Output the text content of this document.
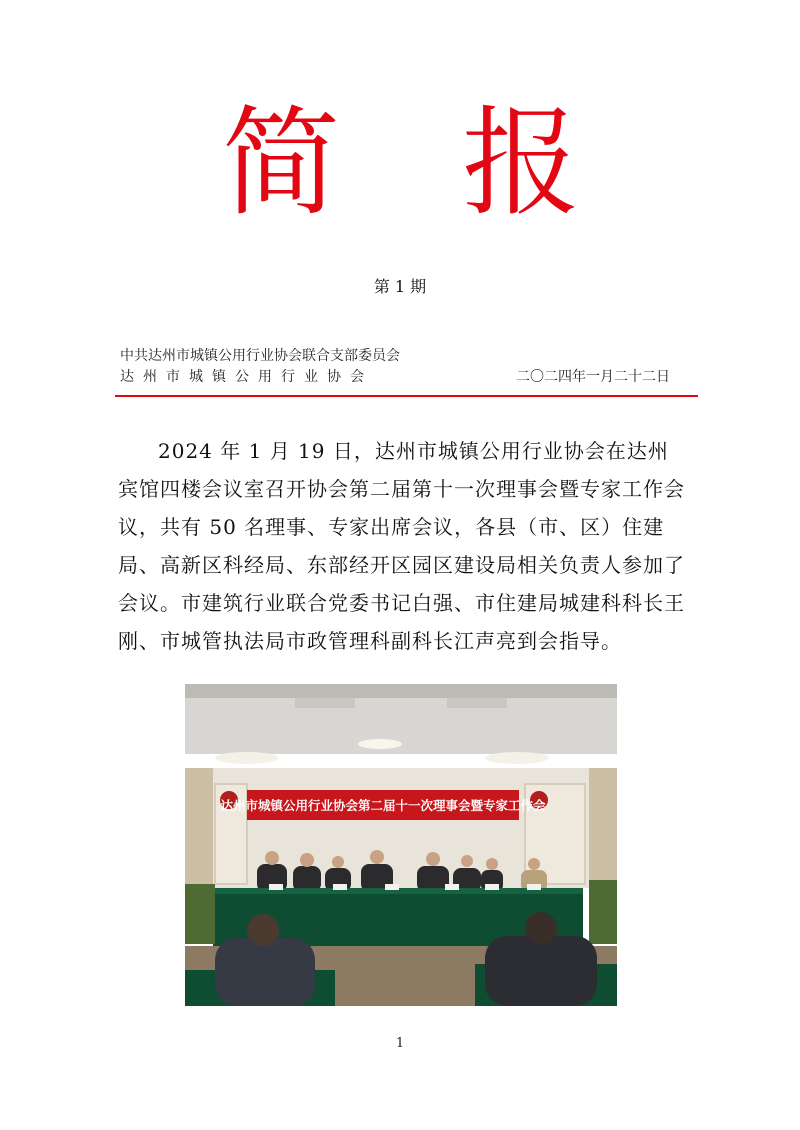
简 报
第 1 期
中共达州市城镇公用行业协会联合支部委员会
达州市城镇公用行业协会	二〇二四年一月二十二日

2024 年 1 月 19 日，达州市城镇公用行业协会在达州宾馆四楼会议室召开协会第二届第十一次理事会暨专家工作会议，共有 50 名理事、专家出席会议，各县（市、区）住建局、高新区科经局、东部经开区园区建设局相关负责人参加了会议。市建筑行业联合党委书记白强、市住建局城建科科长王刚、市城管执法局市政管理科副科长江声亮到会指导。

达州市城镇公用行业协会第二届十一次理事会暨专家工作会
1
